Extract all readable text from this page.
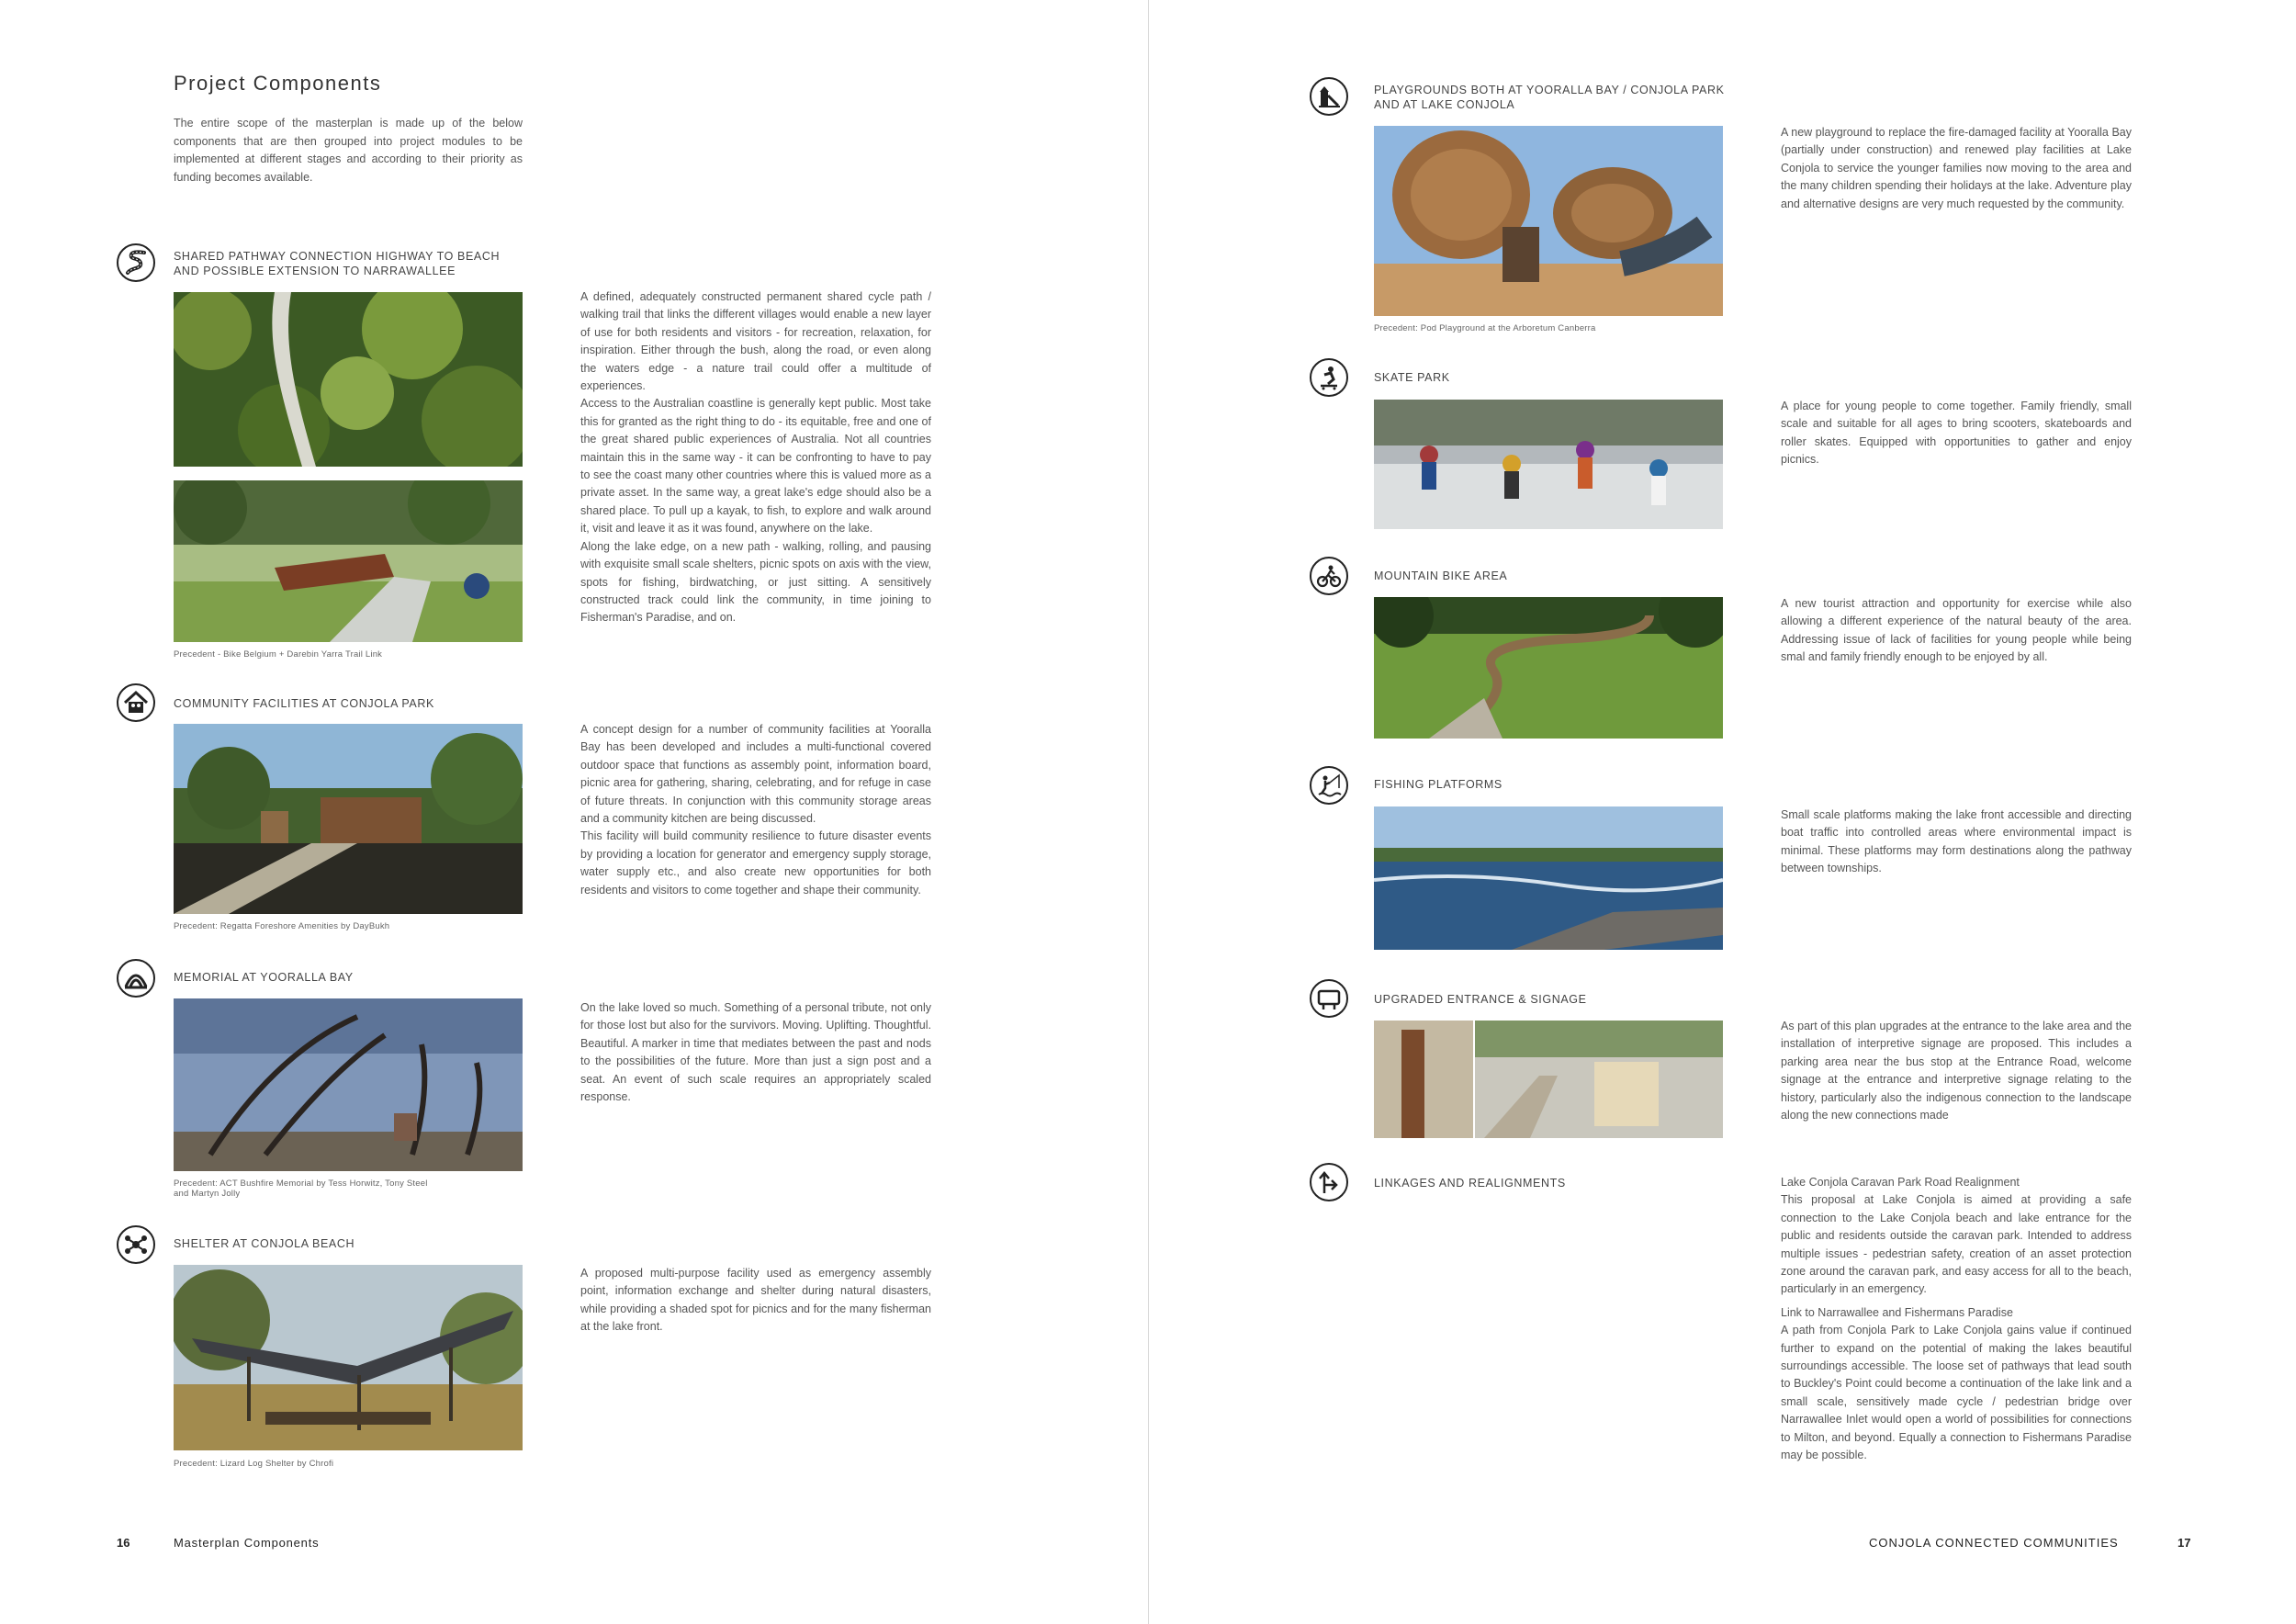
Project Components
The entire scope of the masterplan is made up of the below components that are then grouped into project modules to be implemented at different stages and according to their priority as funding becomes available.
SHARED PATHWAY CONNECTION HIGHWAY TO BEACH
AND POSSIBLE EXTENSION TO NARRAWALLEE
Precedent - Bike Belgium + Darebin Yarra Trail Link

A defined, adequately constructed permanent shared cycle path / walking trail that links the different villages would enable a new layer of use for both residents and visitors - for recreation, relaxation, for inspiration. Either through the bush, along the road, or even along the waters edge - a nature trail could offer a multitude of experiences.

Access to the Australian coastline is generally kept public. Most take this for granted as the right thing to do - its equitable, free and one of the great shared public experiences of Australia. Not all countries maintain this in the same way - it can be confronting to have to pay to see the coast many other countries where this is valued more as a private asset. In the same way, a great lake's edge should also be a shared place. To pull up a kayak, to fish, to explore and walk around it, visit and leave it as it was found, anywhere on the lake.

Along the lake edge, on a new path - walking, rolling, and pausing with exquisite small scale shelters, picnic spots on axis with the view, spots for fishing, birdwatching, or just sitting. A sensitively constructed track could link the community, in time joining to Fisherman's Paradise, and on.

COMMUNITY FACILITIES AT CONJOLA PARK
Precedent: Regatta Foreshore Amenities by DayBukh

A concept design for a number of community facilities at Yooralla Bay has been developed and includes a multi-functional covered outdoor space that functions as assembly point, information board, picnic area for gathering, sharing, celebrating, and for refuge in case of future threats. In conjunction with this community storage areas and a community kitchen are being discussed.

This facility will build community resilience to future disaster events by providing a location for generator and emergency supply storage, water supply etc., and also create new opportunities for both residents and visitors to come together and shape their community.

MEMORIAL AT YOORALLA BAY
Precedent: ACT Bushfire Memorial by Tess Horwitz, Tony Steel
and Martyn Jolly

On the lake loved so much. Something of a personal tribute, not only for those lost but also for the survivors. Moving. Uplifting. Thoughtful. Beautiful. A marker in time that mediates between the past and nods to the possibilities of the future. More than just a sign post and a seat. An event of such scale requires an appropriately scaled response.

SHELTER AT CONJOLA BEACH
Precedent: Lizard Log Shelter by Chrofi

A proposed multi-purpose facility used as emergency assembly point, information exchange and shelter during natural disasters, while providing a shaded spot for picnics and for the many fisherman at the lake front.

16	Masterplan Components
PLAYGROUNDS BOTH AT YOORALLA BAY / CONJOLA PARK
AND AT LAKE CONJOLA
Precedent: Pod Playground at the Arboretum Canberra

A new playground to replace the fire-damaged facility at Yooralla Bay (partially under construction) and renewed play facilities at Lake Conjola to service the younger families now moving to the area and the many children spending their holidays at the lake. Adventure play and alternative designs are very much requested by the community.

SKATE PARK

A place for young people to come together. Family friendly, small scale and suitable for all ages to bring scooters, skateboards and roller skates. Equipped with opportunities to gather and enjoy picnics.

MOUNTAIN BIKE AREA

A new tourist attraction and opportunity for exercise while also allowing a different experience of the natural beauty of the area. Addressing issue of lack of facilities for young people while being smal and family friendly enough to be enjoyed by all.

FISHING PLATFORMS

Small scale platforms making the lake front accessible and directing boat traffic into controlled areas where environmental impact is minimal. These platforms may form destinations along the pathway between townships.

UPGRADED ENTRANCE & SIGNAGE

As part of this plan upgrades at the entrance to the lake area and the installation of interpretive signage are proposed. This includes a parking area near the bus stop at the Entrance Road, welcome signage at the entrance and interpretive signage relating to the history, particularly also the indigenous connection to the landscape along the new connections made

LINKAGES AND REALIGNMENTS	Lake Conjola Caravan Park Road Realignment

This proposal at Lake Conjola is aimed at providing a safe connection to the Lake Conjola beach and lake entrance for the public and residents outside the caravan park. Intended to address multiple issues - pedestrian safety, creation of an asset protection zone around the caravan park, and easy access for all to the beach, particularly in an emergency.

Link to Narrawallee and Fishermans Paradise

A path from Conjola Park to Lake Conjola gains value if continued further to expand on the potential of making the lakes beautiful surroundings accessible. The loose set of pathways that lead south to Buckley's Point could become a continuation of the lake link and a small scale, sensitively made cycle / pedestrian bridge over Narrawallee Inlet would open a world of possibilities for connections to Milton, and beyond. Equally a connection to Fishermans Paradise may be possible.

CONJOLA CONNECTED COMMUNITIES	17
